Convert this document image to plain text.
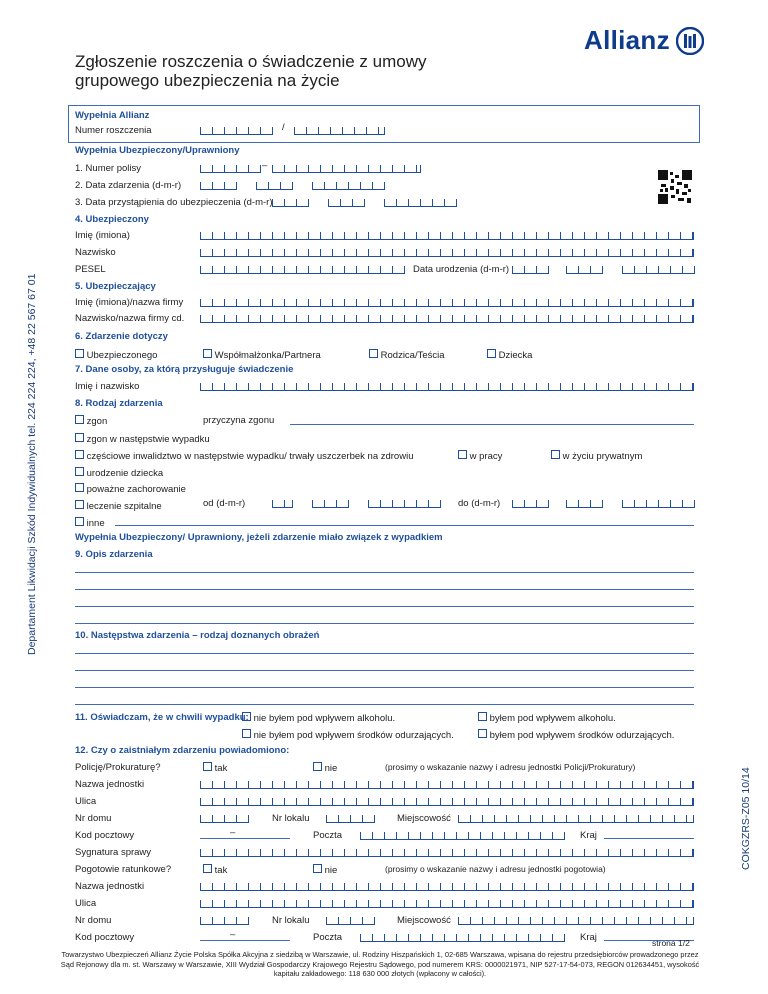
Zgłoszenie roszczenia o świadczenie z umowy grupowego ubezpieczenia na życie
Allianz
Departament Likwidacji Szkód Indywidualnych tel. 224 224 224, +48 22 567 67 01
COKGZRS-Z05 10/14
Wypełnia Allianz
Numer roszczenia	/
Wypełnia Ubezpieczony/Uprawniony
1. Numer polisy	–
2. Data zdarzenia (d-m-r)
3. Data przystąpienia do ubezpieczenia (d-m-r)
4. Ubezpieczony
Imię (imiona)
Nazwisko
PESEL	Data urodzenia (d-m-r)
5. Ubezpieczający
Imię (imiona)/nazwa firmy
Nazwisko/nazwa firmy cd.
6. Zdarzenie dotyczy
Ubezpieczonego	Współmałżonka/Partnera	Rodzica/Teścia	Dziecka
7. Dane osoby, za którą przysługuje świadczenie
Imię i nazwisko
8. Rodzaj zdarzenia
zgon	przyczyna zgonu
zgon w następstwie wypadku
częściowe inwalidztwo w następstwie wypadku/ trwały uszczerbek na zdrowiu	w pracy	w życiu prywatnym
urodzenie dziecka
poważne zachorowanie
leczenie szpitalne	od (d-m-r)	do (d-m-r)
inne
Wypełnia Ubezpieczony/ Uprawniony, jeżeli zdarzenie miało związek z wypadkiem
9. Opis zdarzenia
10. Następstwa zdarzenia – rodzaj doznanych obrażeń
11. Oświadczam, że w chwili wypadku: nie byłem pod wpływem alkoholu.	byłem pod wpływem alkoholu.
nie byłem pod wpływem środków odurzających.	byłem pod wpływem środków odurzających.
12. Czy o zaistniałym zdarzeniu powiadomiono:
Policję/Prokuraturę?	tak	nie	(prosimy o wskazanie nazwy i adresu jednostki Policji/Prokuratury)
Nazwa jednostki
Ulica
Nr domu	Nr lokalu	Miejscowość
Kod pocztowy	–	Poczta	Kraj
Sygnatura sprawy
Pogotowie ratunkowe?	tak	nie	(prosimy o wskazanie nazwy i adresu jednostki pogotowia)
Nazwa jednostki
Ulica
Nr domu	Nr lokalu	Miejscowość
Kod pocztowy	–	Poczta	Kraj	strona 1/2
Towarzystwo Ubezpieczeń Allianz Życie Polska Spółka Akcyjna z siedzibą w Warszawie, ul. Rodziny Hiszpańskich 1, 02-685 Warszawa, wpisana do rejestru przedsiębiorców prowadzonego przez Sąd Rejonowy dla m. st. Warszawy w Warszawie, XIII Wydział Gospodarczy Krajowego Rejestru Sądowego, pod numerem KRS: 0000021971, NIP 527-17-54-073, REGON 012634451, wysokość kapitału zakładowego: 118 630 000 złotych (wpłacony w całości).
